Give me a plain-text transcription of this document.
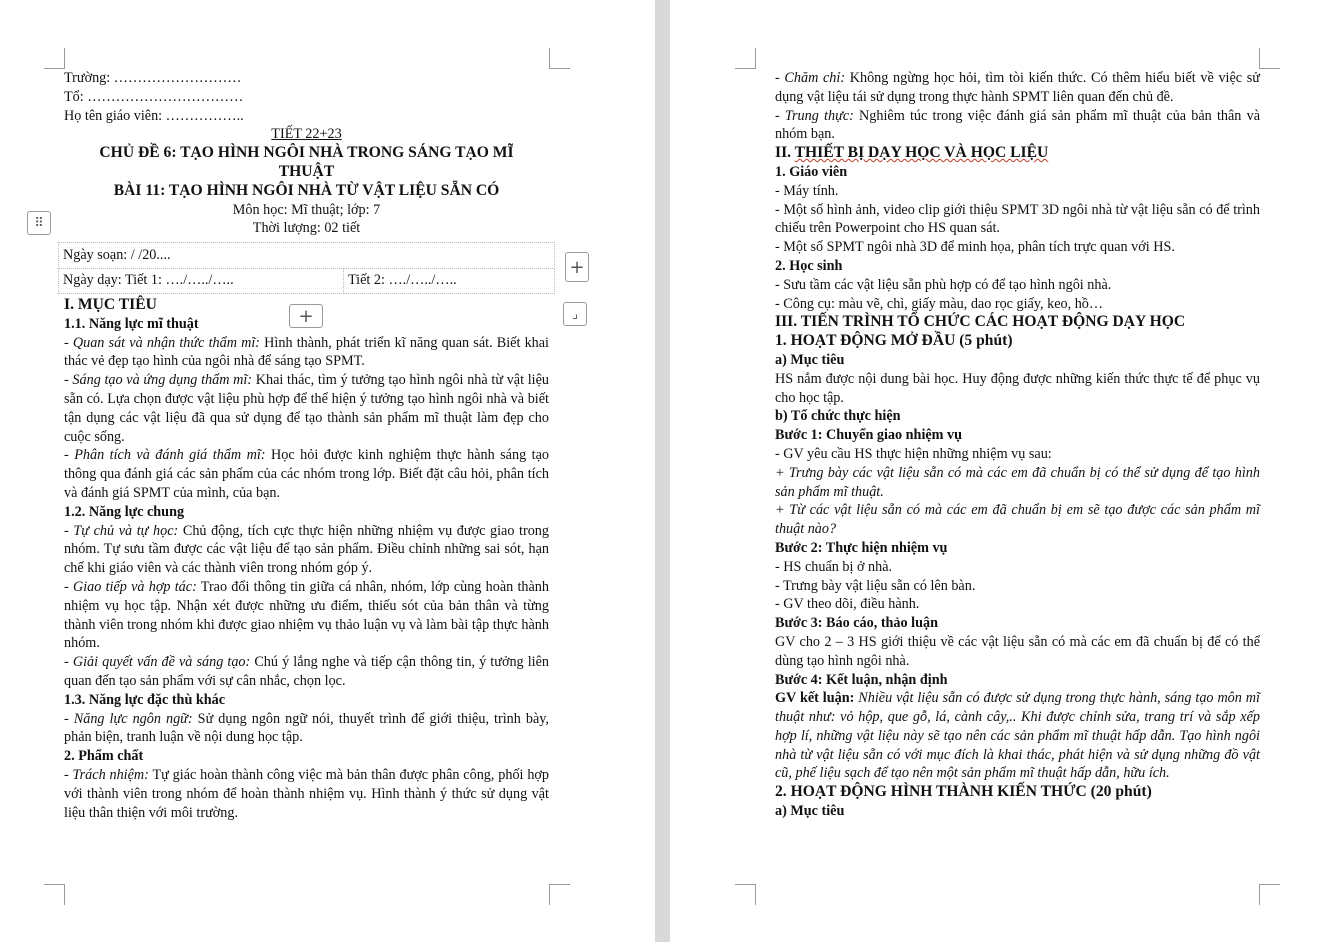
Trường: ………………………

Tổ: ……………………………

Họ tên giáo viên: ……………..

TIẾT 22+23

CHỦ ĐỀ 6: TẠO HÌNH NGÔI NHÀ TRONG SÁNG TẠO MĨ THUẬT

BÀI 11: TẠO HÌNH NGÔI NHÀ TỪ VẬT LIỆU SẴN CÓ

Môn học: Mĩ thuật; lớp: 7

Thời lượng: 02 tiết

Ngày soạn: / /20....
Ngày dạy: Tiết 1: …./…../…..	Tiết 2: …./…../…..
⠿
+
+	⌟

I. MỤC TIÊU

1.1. Năng lực mĩ thuật

- Quan sát và nhận thức thẩm mĩ: Hình thành, phát triển kĩ năng quan sát. Biết khai thác vẻ đẹp tạo hình của ngôi nhà để sáng tạo SPMT.

- Sáng tạo và ứng dụng thẩm mĩ: Khai thác, tìm ý tưởng tạo hình ngôi nhà từ vật liệu sẵn có. Lựa chọn được vật liệu phù hợp để thể hiện ý tưởng tạo hình ngôi nhà và biết tận dụng các vật liệu đã qua sử dụng để tạo thành sản phẩm mĩ thuật làm đẹp cho cuộc sống.

- Phân tích và đánh giá thẩm mĩ: Học hỏi được kinh nghiệm thực hành sáng tạo thông qua đánh giá các sản phẩm của các nhóm trong lớp. Biết đặt câu hỏi, phân tích và đánh giá SPMT của mình, của bạn.

1.2. Năng lực chung

- Tự chủ và tự học: Chủ động, tích cực thực hiện những nhiệm vụ được giao trong nhóm. Tự sưu tầm được các vật liệu để tạo sản phẩm. Điều chỉnh những sai sót, hạn chế khi giáo viên và các thành viên trong nhóm góp ý.

- Giao tiếp và hợp tác: Trao đổi thông tin giữa cá nhân, nhóm, lớp cùng hoàn thành nhiệm vụ học tập. Nhận xét được những ưu điểm, thiếu sót của bản thân và từng thành viên trong nhóm khi được giao nhiệm vụ thảo luận vụ và làm bài tập thực hành nhóm.

- Giải quyết vấn đề và sáng tạo: Chú ý lắng nghe và tiếp cận thông tin, ý tưởng liên quan đến tạo sản phẩm với sự cân nhắc, chọn lọc.

1.3. Năng lực đặc thù khác

- Năng lực ngôn ngữ: Sử dụng ngôn ngữ nói, thuyết trình để giới thiệu, trình bày, phản biện, tranh luận về nội dung học tập.

2. Phẩm chất

- Trách nhiệm: Tự giác hoàn thành công việc mà bản thân được phân công, phối hợp với thành viên trong nhóm để hoàn thành nhiệm vụ. Hình thành ý thức sử dụng vật liệu thân thiện với môi trường.

- Chăm chỉ: Không ngừng học hỏi, tìm tòi kiến thức. Có thêm hiểu biết về việc sử dụng vật liệu tái sử dụng trong thực hành SPMT liên quan đến chủ đề.

- Trung thực: Nghiêm túc trong việc đánh giá sản phẩm mĩ thuật của bản thân và nhóm bạn.

II. THIẾT BỊ DẠY HỌC VÀ HỌC LIỆU

1. Giáo viên

- Máy tính.

- Một số hình ảnh, video clip giới thiệu SPMT 3D ngôi nhà từ vật liệu sẵn có để trình chiếu trên Powerpoint cho HS quan sát.

- Một số SPMT ngôi nhà 3D để minh họa, phân tích trực quan với HS.

2. Học sinh

- Sưu tầm các vật liệu sẵn phù hợp có để tạo hình ngôi nhà.

- Công cụ: màu vẽ, chì, giấy màu, dao rọc giấy, keo, hồ…

III. TIẾN TRÌNH TỔ CHỨC CÁC HOẠT ĐỘNG DẠY HỌC

1. HOẠT ĐỘNG MỞ ĐẦU (5 phút)

a) Mục tiêu

HS nắm được nội dung bài học. Huy động được những kiến thức thực tế để phục vụ cho học tập.

b) Tổ chức thực hiện

Bước 1: Chuyển giao nhiệm vụ

- GV yêu cầu HS thực hiện những nhiệm vụ sau:

+ Trưng bày các vật liệu sẵn có mà các em đã chuẩn bị có thể sử dụng để tạo hình sản phẩm mĩ thuật.

+ Từ các vật liệu sẵn có mà các em đã chuẩn bị em sẽ tạo được các sản phẩm mĩ thuật nào?

Bước 2: Thực hiện nhiệm vụ

- HS chuẩn bị ở nhà.

- Trưng bày vật liệu sẵn có lên bàn.

- GV theo dõi, điều hành.

Bước 3: Báo cáo, thảo luận

GV cho 2 – 3 HS giới thiệu về các vật liệu sẵn có mà các em đã chuẩn bị để có thể dùng tạo hình ngôi nhà.

Bước 4: Kết luận, nhận định

GV kết luận: Nhiều vật liệu sẵn có được sử dụng trong thực hành, sáng tạo môn mĩ thuật như: vỏ hộp, que gỗ, lá, cành cây,.. Khi được chỉnh sửa, trang trí và sắp xếp hợp lí, những vật liệu này sẽ tạo nên các sản phẩm mĩ thuật hấp dẫn. Tạo hình ngôi nhà từ vật liệu sẵn có với mục đích là khai thác, phát hiện và sử dụng những đồ vật cũ, phế liệu sạch để tạo nên một sản phẩm mĩ thuật hấp dẫn, hữu ích.

2. HOẠT ĐỘNG HÌNH THÀNH KIẾN THỨC (20 phút)

a) Mục tiêu
